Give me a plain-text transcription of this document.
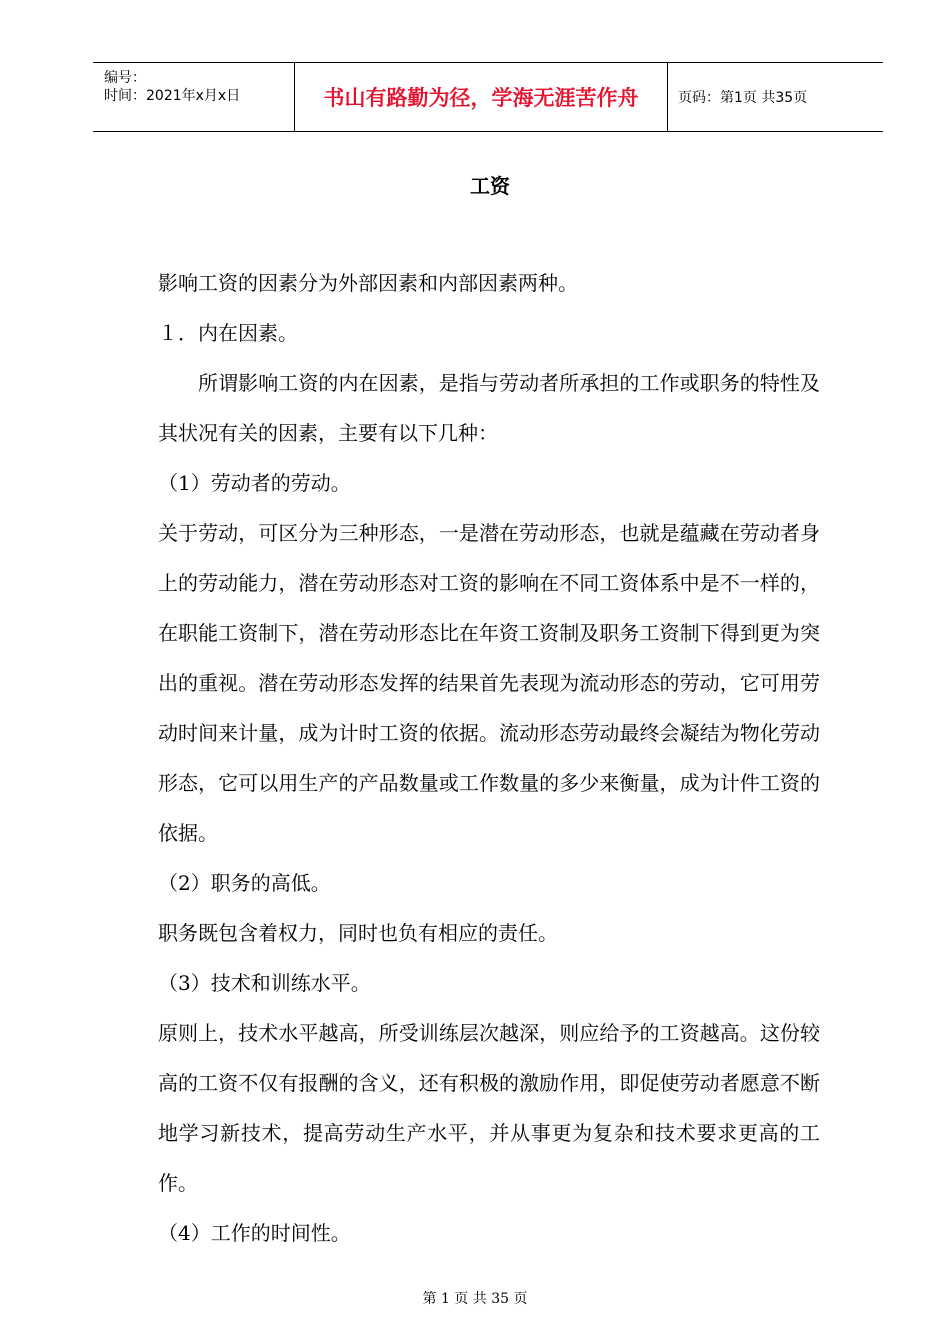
编号：
时间：2021年x月x日	书山有路勤为径，学海无涯苦作舟	页码：第1页 共35页
工资

影响工资的因素分为外部因素和内部因素两种。

１．内在因素。

所谓影响工资的内在因素，是指与劳动者所承担的工作或职务的特性及其状况有关的因素，主要有以下几种：

（1）劳动者的劳动。

关于劳动，可区分为三种形态，一是潜在劳动形态，也就是蕴藏在劳动者身上的劳动能力，潜在劳动形态对工资的影响在不同工资体系中是不一样的，在职能工资制下，潜在劳动形态比在年资工资制及职务工资制下得到更为突出的重视。潜在劳动形态发挥的结果首先表现为流动形态的劳动，它可用劳动时间来计量，成为计时工资的依据。流动形态劳动最终会凝结为物化劳动形态，它可以用生产的产品数量或工作数量的多少来衡量，成为计件工资的依据。

（2）职务的高低。

职务既包含着权力，同时也负有相应的责任。

（3）技术和训练水平。

原则上，技术水平越高，所受训练层次越深，则应给予的工资越高。这份较高的工资不仅有报酬的含义，还有积极的激励作用，即促使劳动者愿意不断地学习新技术，提高劳动生产水平，并从事更为复杂和技术要求更高的工作。

（4）工作的时间性。

第 1 页 共 35 页
